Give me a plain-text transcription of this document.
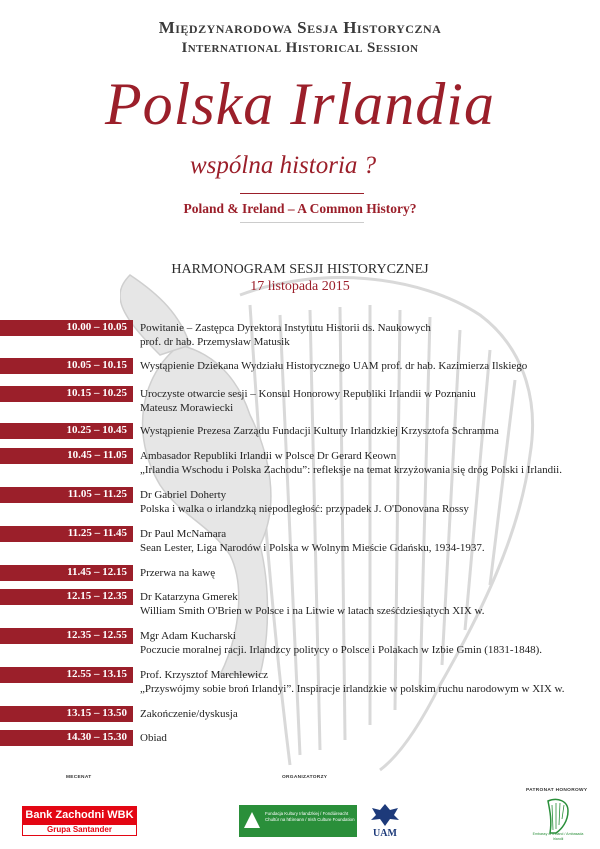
Międzynarodowa Sesja Historyczna
International Historical Session
Polska Irlandia
wspólna historia ?
Poland & Ireland – A Common History?
HARMONOGRAM SESJI HISTORYCZNEJ
17 listopada 2015
10.00 – 10.05 Powitanie – Zastępca Dyrektora Instytutu Historii ds. Naukowych
prof. dr hab. Przemysław Matusik
10.05 – 10.15 Wystąpienie Dziekana Wydziału Historycznego UAM prof. dr hab. Kazimierza Ilskiego
10.15 – 10.25 Uroczyste otwarcie sesji – Konsul Honorowy Republiki Irlandii w Poznaniu
Mateusz Morawiecki
10.25 – 10.45 Wystąpienie Prezesa Zarządu Fundacji Kultury Irlandzkiej Krzysztofa Schramma
10.45 – 11.05 Ambasador Republiki Irlandii w Polsce Dr Gerard Keown
„Irlandia Wschodu i Polska Zachodu”: refleksje na temat krzyżowania się dróg Polski i Irlandii.
11.05 – 11.25 Dr Gabriel Doherty
Polska i walka o irlandzką niepodległość: przypadek J. O'Donovana Rossy
11.25 – 11.45 Dr Paul McNamara
Sean Lester, Liga Narodów i Polska w Wolnym Mieście Gdańsku, 1934-1937.
11.45 – 12.15 Przerwa na kawę
12.15 – 12.35 Dr Katarzyna Gmerek
William Smith O'Brien w Polsce i na Litwie w latach sześćdziesiątych XIX w.
12.35 – 12.55 Mgr Adam Kucharski
Poczucie moralnej racji. Irlandzcy politycy o Polsce i Polakach w Izbie Gmin (1831-1848).
12.55 – 13.15 Prof. Krzysztof Marchlewicz
„Przyswójmy sobie broń Irlandyi”. Inspiracje irlandzkie w polskim ruchu narodowym w XIX w.
13.15 – 13.50 Zakończenie/dyskusja
14.30 – 15.30 Obiad
MECENAT	ORGANIZATORZY
PATRONAT HONOROWY
Bank Zachodni WBK
Grupa Santander
Fundacja Kultury Irlandzkiej / Fondúireacht Chultúr na hÉireann / Irish Culture Foundation
UAM	Embassy of Ireland / Ambasada Irlandii
